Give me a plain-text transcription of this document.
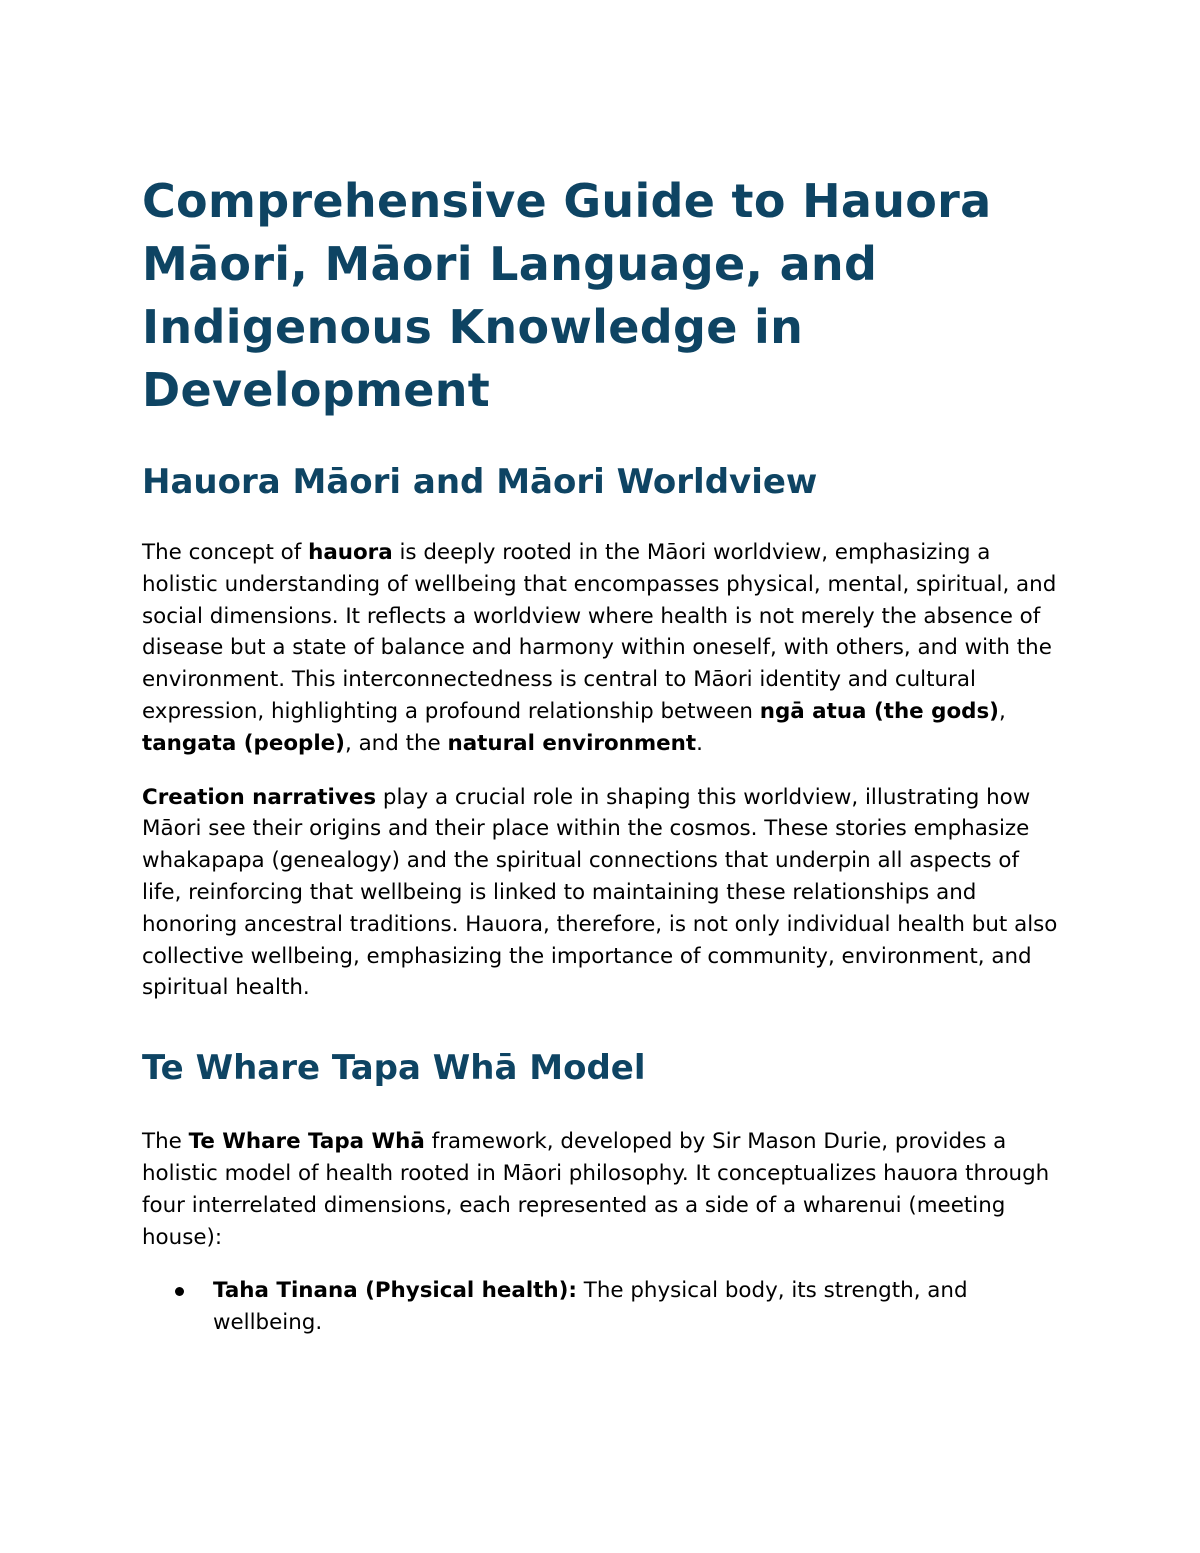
Comprehensive Guide to Hauora Māori, Māori Language, and Indigenous Knowledge in Development
Hauora Māori and Māori Worldview

The concept of hauora is deeply rooted in the Māori worldview, emphasizing a holistic understanding of wellbeing that encompasses physical, mental, spiritual, and social dimensions. It reflects a worldview where health is not merely the absence of disease but a state of balance and harmony within oneself, with others, and with the environment. This interconnectedness is central to Māori identity and cultural expression, highlighting a profound relationship between ngā atua (the gods), tangata (people), and the natural environment.

Creation narratives play a crucial role in shaping this worldview, illustrating how Māori see their origins and their place within the cosmos. These stories emphasize whakapapa (genealogy) and the spiritual connections that underpin all aspects of life, reinforcing that wellbeing is linked to maintaining these relationships and honoring ancestral traditions. Hauora, therefore, is not only individual health but also collective wellbeing, emphasizing the importance of community, environment, and spiritual health.

Te Whare Tapa Whā Model

The Te Whare Tapa Whā framework, developed by Sir Mason Durie, provides a holistic model of health rooted in Māori philosophy. It conceptualizes hauora through four interrelated dimensions, each represented as a side of a wharenui (meeting house):

Taha Tinana (Physical health): The physical body, its strength, and wellbeing.
